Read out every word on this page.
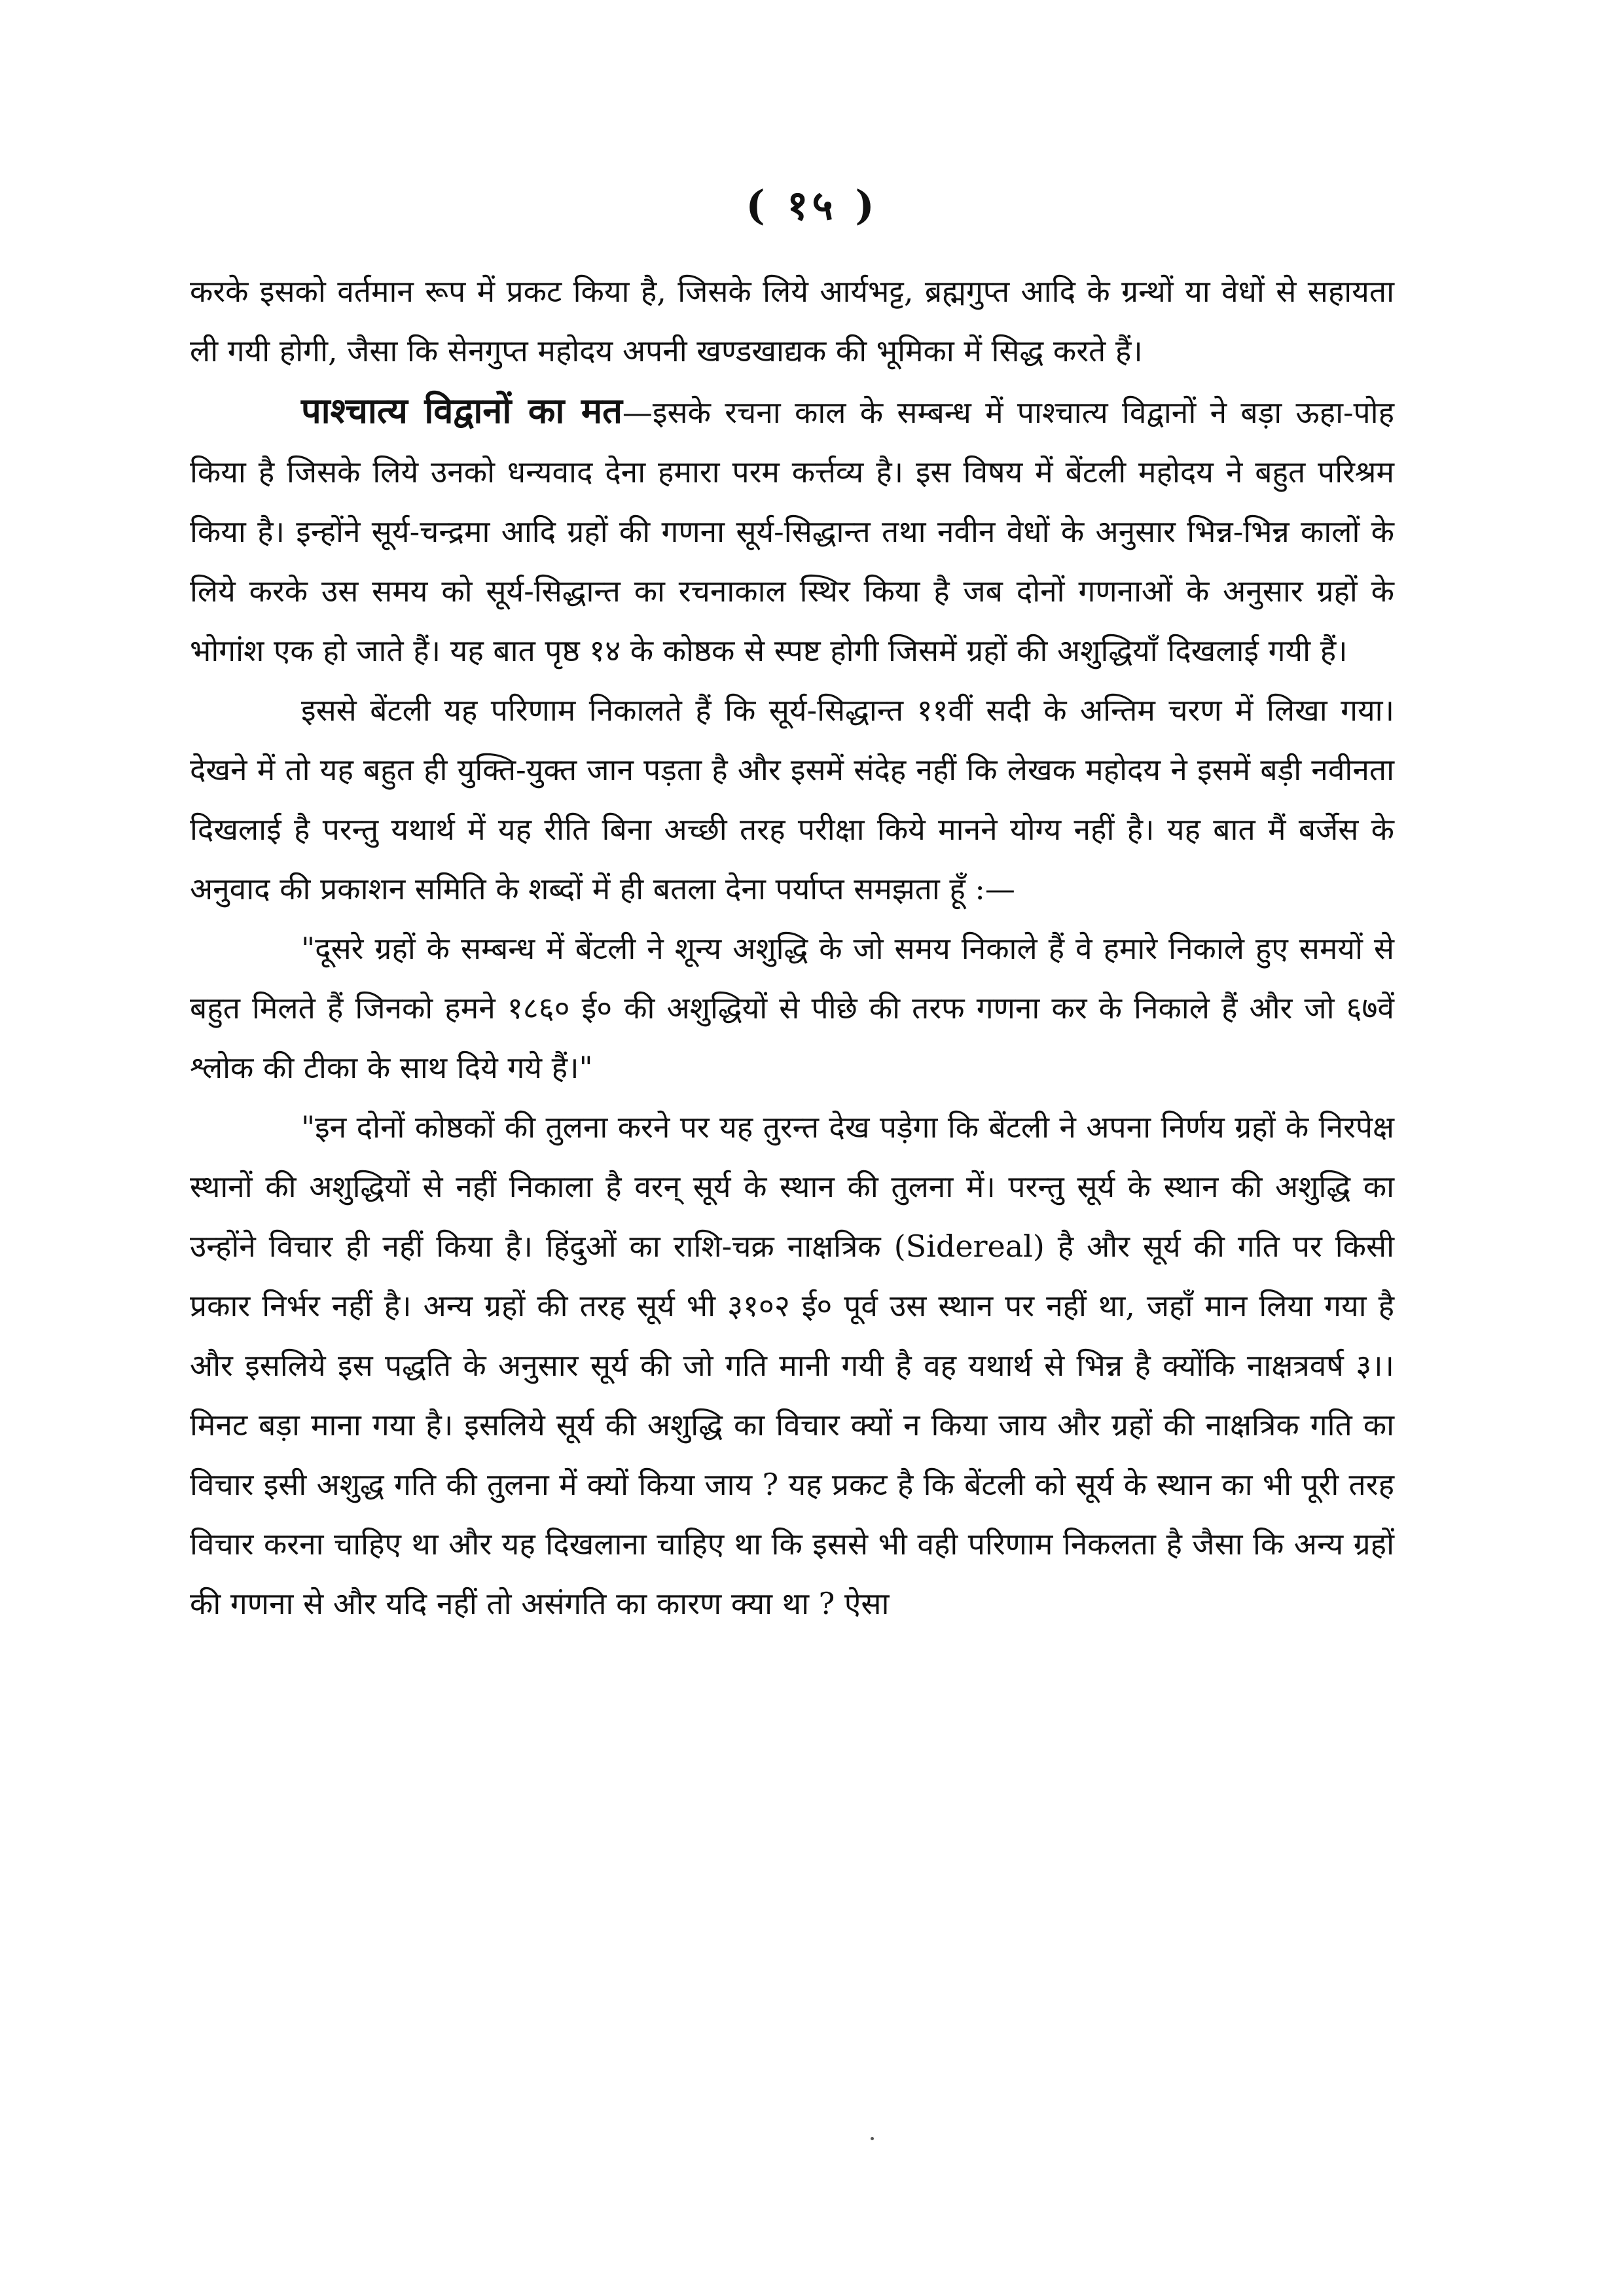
( १५ )

करके इसको वर्तमान रूप में प्रकट किया है, जिसके लिये आर्यभट्ट, ब्रह्मगुप्त आदि के ग्रन्थों या वेधों से सहायता ली गयी होगी, जैसा कि सेनगुप्त महोदय अपनी खण्डखाद्यक की भूमिका में सिद्ध करते हैं।

पाश्चात्य विद्वानों का मत—इसके रचना काल के सम्बन्ध में पाश्चात्य विद्वानों ने बड़ा ऊहा-पोह किया है जिसके लिये उनको धन्यवाद देना हमारा परम कर्त्तव्य है। इस विषय में बेंटली महोदय ने बहुत परिश्रम किया है। इन्होंने सूर्य-चन्द्रमा आदि ग्रहों की गणना सूर्य-सिद्धान्त तथा नवीन वेधों के अनुसार भिन्न-भिन्न कालों के लिये करके उस समय को सूर्य-सिद्धान्त का रचनाकाल स्थिर किया है जब दोनों गणनाओं के अनुसार ग्रहों के भोगांश एक हो जाते हैं। यह बात पृष्ठ १४ के कोष्ठक से स्पष्ट होगी जिसमें ग्रहों की अशुद्धियाँ दिखलाई गयी हैं।

इससे बेंटली यह परिणाम निकालते हैं कि सूर्य-सिद्धान्त ११वीं सदी के अन्तिम चरण में लिखा गया। देखने में तो यह बहुत ही युक्ति-युक्त जान पड़ता है और इसमें संदेह नहीं कि लेखक महोदय ने इसमें बड़ी नवीनता दिखलाई है परन्तु यथार्थ में यह रीति बिना अच्छी तरह परीक्षा किये मानने योग्य नहीं है। यह बात मैं बर्जेस के अनुवाद की प्रकाशन समिति के शब्दों में ही बतला देना पर्याप्त समझता हूँ :—

"दूसरे ग्रहों के सम्बन्ध में बेंटली ने शून्य अशुद्धि के जो समय निकाले हैं वे हमारे निकाले हुए समयों से बहुत मिलते हैं जिनको हमने १८६० ई० की अशुद्धियों से पीछे की तरफ गणना कर के निकाले हैं और जो ६७वें श्लोक की टीका के साथ दिये गये हैं।"

"इन दोनों कोष्ठकों की तुलना करने पर यह तुरन्त देख पड़ेगा कि बेंटली ने अपना निर्णय ग्रहों के निरपेक्ष स्थानों की अशुद्धियों से नहीं निकाला है वरन् सूर्य के स्थान की तुलना में। परन्तु सूर्य के स्थान की अशुद्धि का उन्होंने विचार ही नहीं किया है। हिंदुओं का राशि-चक्र नाक्षत्रिक (Sidereal) है और सूर्य की गति पर किसी प्रकार निर्भर नहीं है। अन्य ग्रहों की तरह सूर्य भी ३१०२ ई० पूर्व उस स्थान पर नहीं था, जहाँ मान लिया गया है और इसलिये इस पद्धति के अनुसार सूर्य की जो गति मानी गयी है वह यथार्थ से भिन्न है क्योंकि नाक्षत्रवर्ष ३।। मिनट बड़ा माना गया है। इसलिये सूर्य की अशुद्धि का विचार क्यों न किया जाय और ग्रहों की नाक्षत्रिक गति का विचार इसी अशुद्ध गति की तुलना में क्यों किया जाय ? यह प्रकट है कि बेंटली को सूर्य के स्थान का भी पूरी तरह विचार करना चाहिए था और यह दिखलाना चाहिए था कि इससे भी वही परिणाम निकलता है जैसा कि अन्य ग्रहों की गणना से और यदि नहीं तो असंगति का कारण क्या था ? ऐसा
